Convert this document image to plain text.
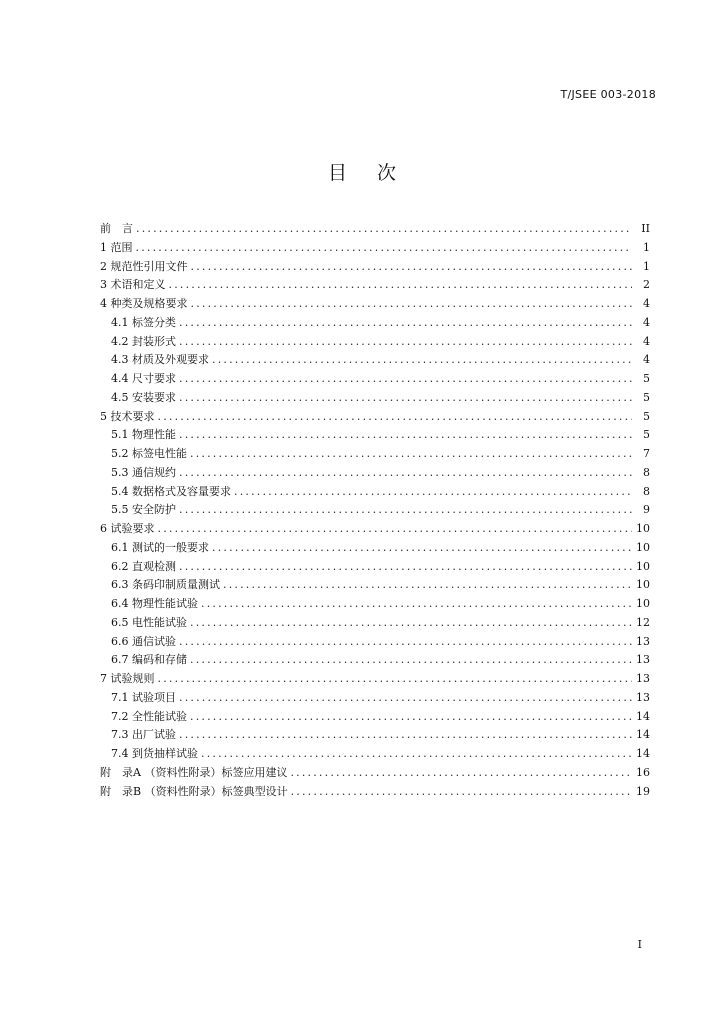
T/JSEE 003-2018
目 次
前　言 .....	II
1 范围 .....	1
2 规范性引用文件 .....	1
3 术语和定义 .....	2
4 种类及规格要求 .....	4
4.1 标签分类 .....	4
4.2 封装形式 .....	4
4.3 材质及外观要求 .....	4
4.4 尺寸要求 .....	5
4.5 安装要求 .....	5
5 技术要求 .....	5
5.1 物理性能 .....	5
5.2 标签电性能 .....	7
5.3 通信规约 .....	8
5.4 数据格式及容量要求 .....	8
5.5 安全防护 .....	9
6 试验要求 .....	10
6.1 测试的一般要求 .....	10
6.2 直观检测 .....	10
6.3 条码印制质量测试 .....	10
6.4 物理性能试验 .....	10
6.5 电性能试验 .....	12
6.6 通信试验 .....	13
6.7 编码和存储 .....	13
7 试验规则 .....	13
7.1 试验项目 .....	13
7.2 全性能试验 .....	14
7.3 出厂试验 .....	14
7.4 到货抽样试验 .....	14
附　录A （资料性附录）标签应用建议 .....	16
附　录B （资料性附录）标签典型设计 .....	19
I
